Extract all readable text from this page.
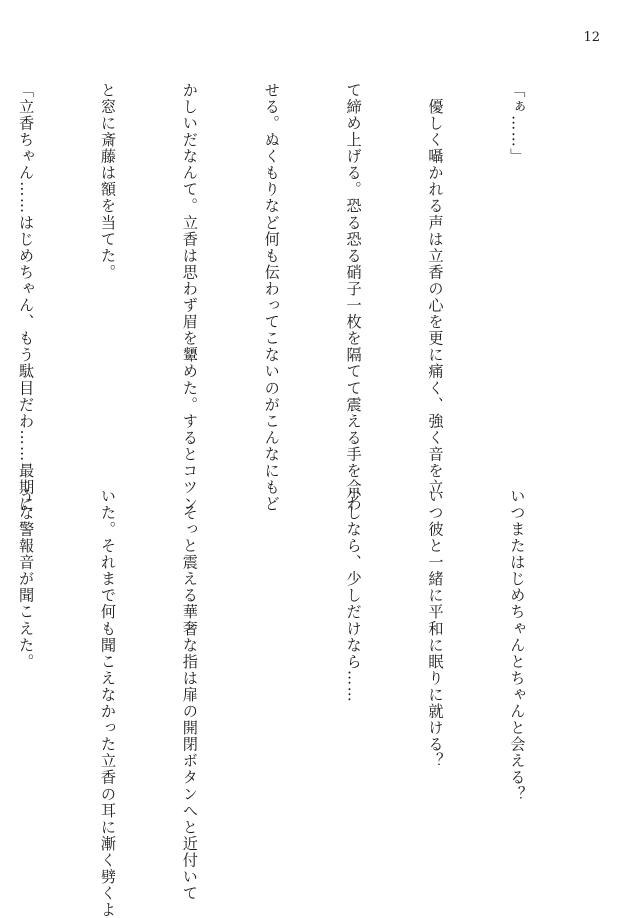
12

「ぁ……」

　優しく囁かれる声は立香の心を更に痛く、強く音を立

て締め上げる。恐る恐る硝子一枚を隔てて震える手を合わ

せる。ぬくもりなど何も伝わってこないのがこんなにもど

かしいだなんて。立香は思わず眉を顰めた。するとコツン

と窓に斎藤は額を当てた。

「立香ちゃん……はじめちゃん、もう駄目だわ……最期に

いつまたはじめちゃんとちゃんと会える？

いつ彼と一緒に平和に眠りに就ける？

少しなら、少しだけなら……

　そっと震える華奢な指は扉の開閉ボタンへと近付いて

いた。それまで何も聞こえなかった立香の耳に漸く劈くよ

うな警報音が聞こえた。
